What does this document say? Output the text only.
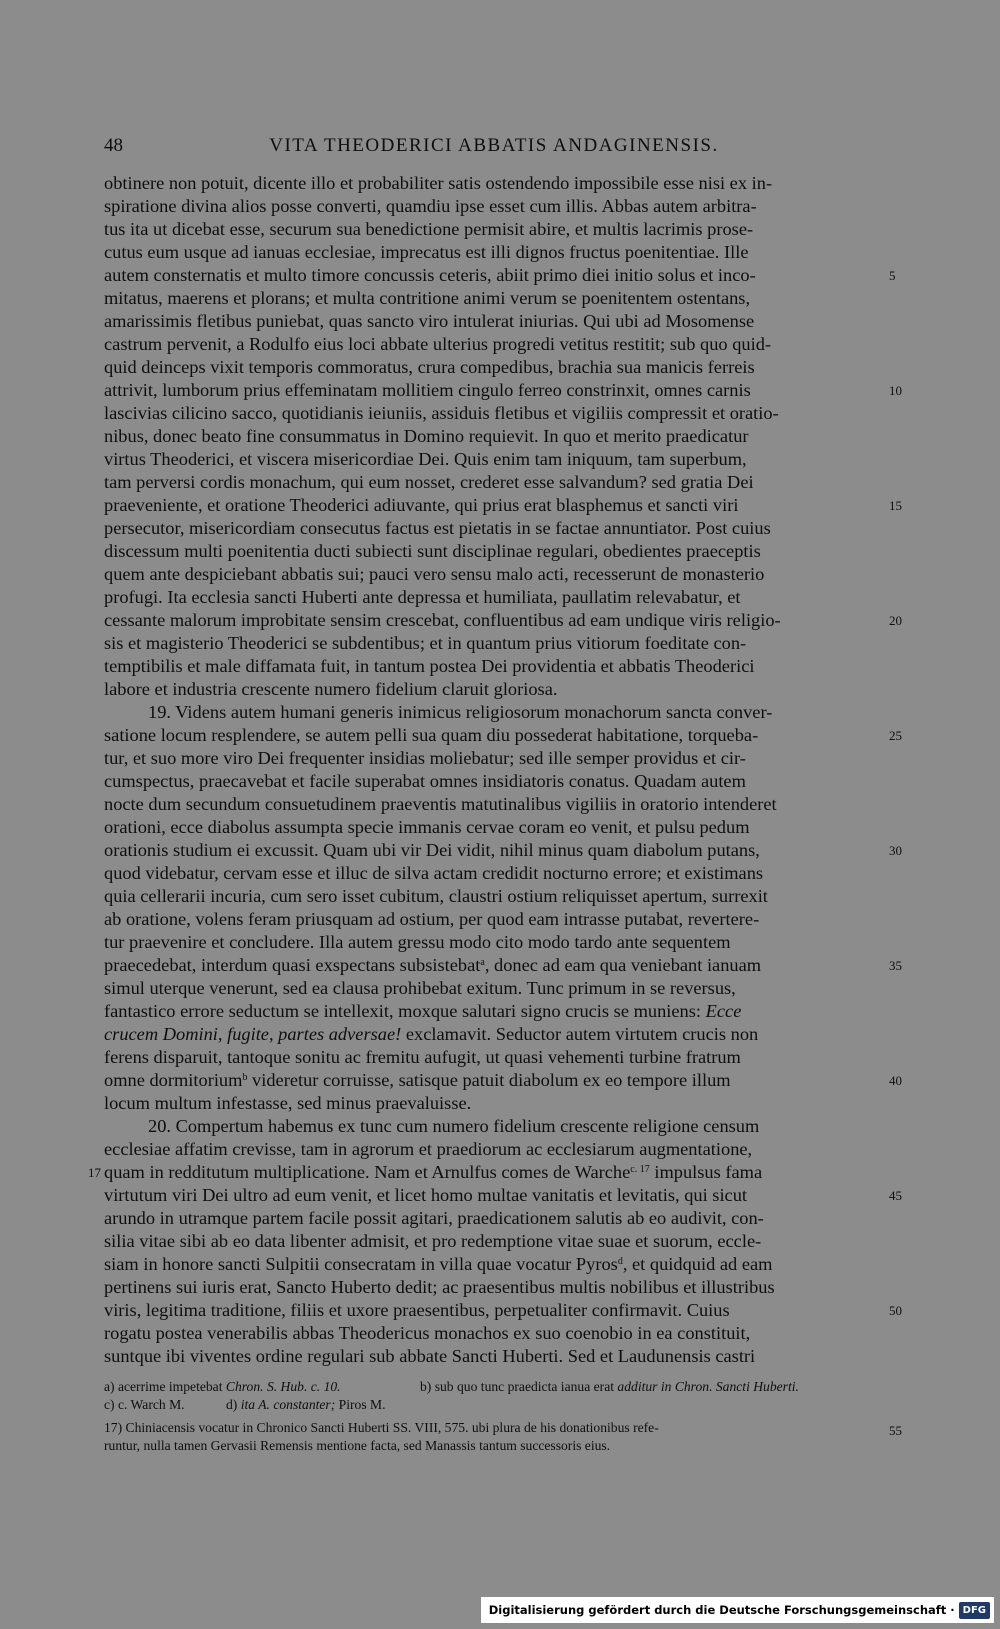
48	VITA THEODERICI ABBATIS ANDAGINENSIS.
obtinere non potuit, dicente illo et probabiliter satis ostendendo impossibile esse nisi ex in-
spiratione divina alios posse converti, quamdiu ipse esset cum illis. Abbas autem arbitra-
tus ita ut dicebat esse, securum sua benedictione permisit abire, et multis lacrimis prose-
cutus eum usque ad ianuas ecclesiae, imprecatus est illi dignos fructus poenitentiae. Ille
autem consternatis et multo timore concussis ceteris, abiit primo diei initio solus et inco-
mitatus, maerens et plorans; et multa contritione animi verum se poenitentem ostentans,
amarissimis fletibus puniebat, quas sancto viro intulerat iniurias. Qui ubi ad Mosomense
castrum pervenit, a Rodulfo eius loci abbate ulterius progredi vetitus restitit; sub quo quid-
quid deinceps vixit temporis commoratus, crura compedibus, brachia sua manicis ferreis
attrivit, lumborum prius effeminatam mollitiem cingulo ferreo constrinxit, omnes carnis
lascivias cilicino sacco, quotidianis ieiuniis, assiduis fletibus et vigiliis compressit et oratio-
nibus, donec beato fine consummatus in Domino requievit. In quo et merito praedicatur
virtus Theoderici, et viscera misericordiae Dei. Quis enim tam iniquum, tam superbum,
tam perversi cordis monachum, qui eum nosset, crederet esse salvandum? sed gratia Dei
praeveniente, et oratione Theoderici adiuvante, qui prius erat blasphemus et sancti viri
persecutor, misericordiam consecutus factus est pietatis in se factae annuntiator. Post cuius
discessum multi poenitentia ducti subiecti sunt disciplinae regulari, obedientes praeceptis
quem ante despiciebant abbatis sui; pauci vero sensu malo acti, recesserunt de monasterio
profugi. Ita ecclesia sancti Huberti ante depressa et humiliata, paullatim relevabatur, et
cessante malorum improbitate sensim crescebat, confluentibus ad eam undique viris religio-
sis et magisterio Theoderici se subdentibus; et in quantum prius vitiorum foeditate con-
temptibilis et male diffamata fuit, in tantum postea Dei providentia et abbatis Theoderici
labore et industria crescente numero fidelium claruit gloriosa.
19. Videns autem humani generis inimicus religiosorum monachorum sancta conver-
satione locum resplendere, se autem pelli sua quam diu possederat habitatione, torqueba-
tur, et suo more viro Dei frequenter insidias moliebatur; sed ille semper providus et cir-
cumspectus, praecavebat et facile superabat omnes insidiatoris conatus. Quadam autem
nocte dum secundum consuetudinem praeventis matutinalibus vigiliis in oratorio intenderet
orationi, ecce diabolus assumpta specie immanis cervae coram eo venit, et pulsu pedum
orationis studium ei excussit. Quam ubi vir Dei vidit, nihil minus quam diabolum putans,
quod videbatur, cervam esse et illuc de silva actam credidit nocturno errore; et existimans
quia cellerarii incuria, cum sero isset cubitum, claustri ostium reliquisset apertum, surrexit
ab oratione, volens feram priusquam ad ostium, per quod eam intrasse putabat, revertere-
tur praevenire et concludere. Illa autem gressu modo cito modo tardo ante sequentem
praecedebat, interdum quasi exspectans subsistebat$^a$, donec ad eam qua veniebant ianuam
simul uterque venerunt, sed ea clausa prohibebat exitum. Tunc primum in se reversus,
fantastico errore seductum se intellexit, moxque salutari signo crucis se muniens: Ecce
crucem Domini, fugite, partes adversae! exclamavit. Seductor autem virtutem crucis non
ferens disparuit, tantoque sonitu ac fremitu aufugit, ut quasi vehementi turbine fratrum
omne dormitorium$^b$ videretur corruisse, satisque patuit diabolum ex eo tempore illum
locum multum infestasse, sed minus praevaluisse.
20. Compertum habemus ex tunc cum numero fidelium crescente religione censum
ecclesiae affatim crevisse, tam in agrorum et praediorum ac ecclesiarum augmentatione,
quam in redditutum multiplicatione. Nam et Arnulfus comes de Warche$^{c. 17}$ impulsus fama
virtutum viri Dei ultro ad eum venit, et licet homo multae vanitatis et levitatis, qui sicut
arundo in utramque partem facile possit agitari, praedicationem salutis ab eo audivit, con-
silia vitae sibi ab eo data libenter admisit, et pro redemptione vitae suae et suorum, eccle-
siam in honore sancti Sulpitii consecratam in villa quae vocatur Pyros$^d$, et quidquid ad eam
pertinens sui iuris erat, Sancto Huberto dedit; ac praesentibus multis nobilibus et illustribus
viris, legitima traditione, filiis et uxore praesentibus, perpetualiter confirmavit. Cuius
rogatu postea venerabilis abbas Theodericus monachos ex suo coenobio in ea constituit,
suntque ibi viventes ordine regulari sub abbate Sancti Huberti. Sed et Laudunensis castri
5
10
15
20
25
30
35
40
45
50
55
17
a) acerrime impetebat Chron. S. Hub. c. 10.	b) sub quo tunc praedicta ianua erat additur in Chron. Sancti Huberti.
c) c. Warch M.	d) ita A. constanter; Piros M.
17) Chiniacensis vocatur in Chronico Sancti Huberti SS. VIII, 575. ubi plura de his donationibus refe-
runtur, nulla tamen Gervasii Remensis mentione facta, sed Manassis tantum successoris eius.
Digitalisierung gefördert durch die Deutsche Forschungsgemeinschaft · DFG
